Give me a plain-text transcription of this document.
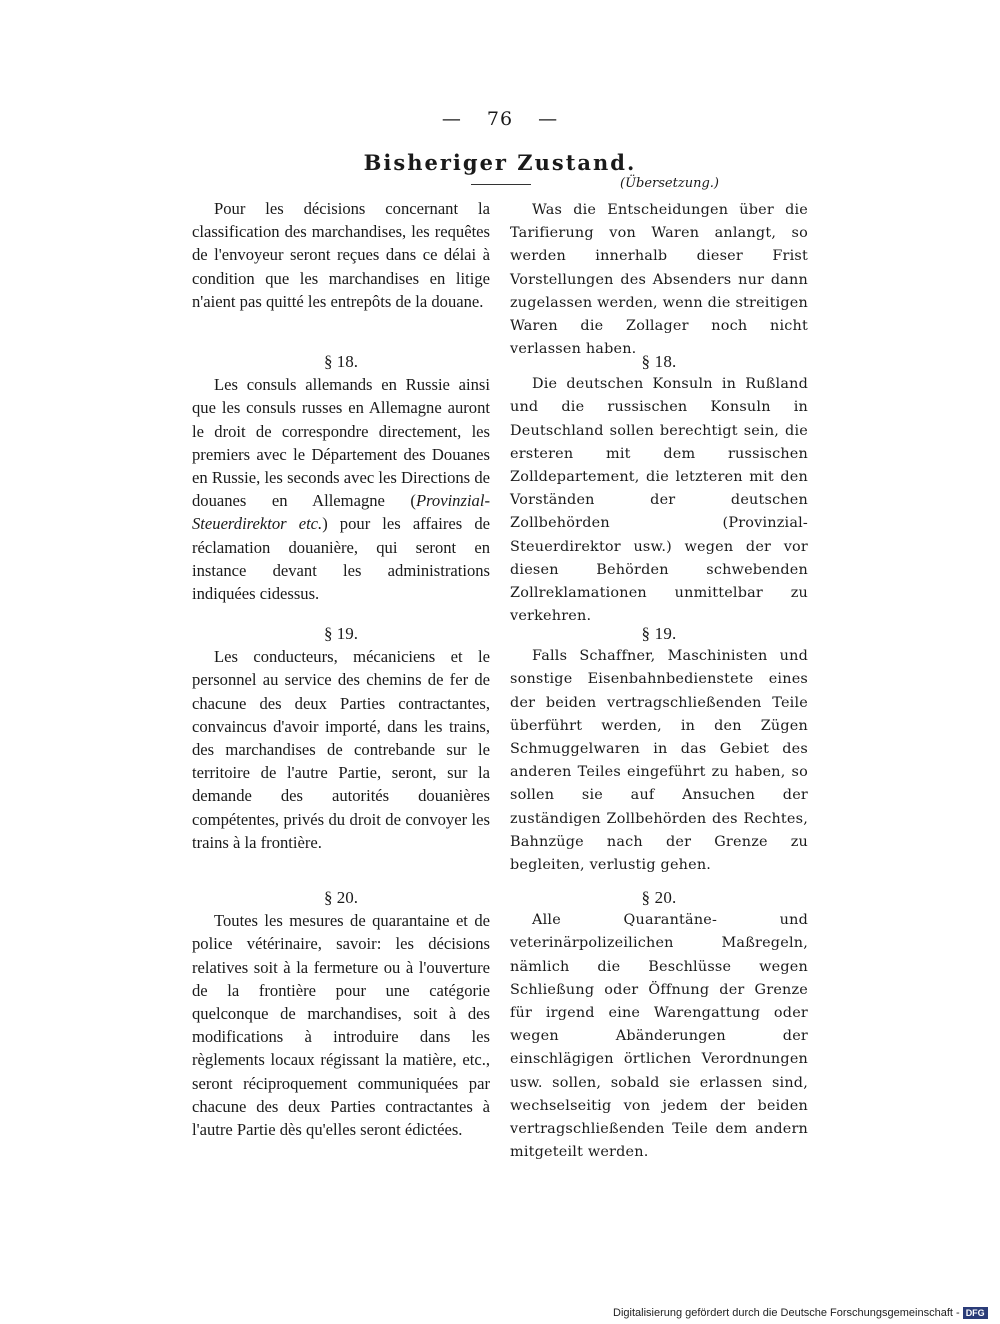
— 76 —
Bisheriger Zustand.
(Übersetzung.)

Pour les décisions concernant la classification des marchandises, les requêtes de l'envoyeur seront reçues dans ce délai à condition que les marchandises en litige n'aient pas quitté les entrepôts de la douane.

§ 18.

Les consuls allemands en Russie ainsi que les consuls russes en Allemagne auront le droit de correspondre directement, les premiers avec le Département des Douanes en Russie, les seconds avec les Directions de douanes en Allemagne (Provinzial-Steuerdirektor etc.) pour les affaires de réclamation douanière, qui seront en instance devant les administrations indiquées cidessus.

§ 19.

Les conducteurs, mécaniciens et le personnel au service des chemins de fer de chacune des deux Parties contractantes, convaincus d'avoir importé, dans les trains, des marchandises de contrebande sur le territoire de l'autre Partie, seront, sur la demande des autorités douanières compétentes, privés du droit de convoyer les trains à la frontière.

§ 20.

Toutes les mesures de quarantaine et de police vétérinaire, savoir: les décisions relatives soit à la fermeture ou à l'ouverture de la frontière pour une catégorie quelconque de marchandises, soit à des modifications à introduire dans les règlements locaux régissant la matière, etc., seront réciproquement communiquées par chacune des deux Parties contractantes à l'autre Partie dès qu'elles seront édictées.

Was die Entscheidungen über die Tarifierung von Waren anlangt, so werden innerhalb dieser Frist Vorstellungen des Absenders nur dann zugelassen werden, wenn die streitigen Waren die Zollager noch nicht verlassen haben.

§ 18.

Die deutschen Konsuln in Rußland und die russischen Konsuln in Deutschland sollen berechtigt sein, die ersteren mit dem russischen Zolldepartement, die letzteren mit den Vorständen der deutschen Zollbehörden (Provinzial-Steuerdirektor usw.) wegen der vor diesen Behörden schwebenden Zollreklamationen unmittelbar zu verkehren.

§ 19.

Falls Schaffner, Maschinisten und sonstige Eisenbahnbedienstete eines der beiden vertragschließenden Teile überführt werden, in den Zügen Schmuggelwaren in das Gebiet des anderen Teiles eingeführt zu haben, so sollen sie auf Ansuchen der zuständigen Zollbehörden des Rechtes, Bahnzüge nach der Grenze zu begleiten, verlustig gehen.

§ 20.

Alle Quarantäne- und veterinärpolizeilichen Maßregeln, nämlich die Beschlüsse wegen Schließung oder Öffnung der Grenze für irgend eine Warengattung oder wegen Abänderungen der einschlägigen örtlichen Verordnungen usw. sollen, sobald sie erlassen sind, wechselseitig von jedem der beiden vertragschließenden Teile dem andern mitgeteilt werden.

Digitalisierung gefördert durch die Deutsche Forschungsgemeinschaft - DFG
